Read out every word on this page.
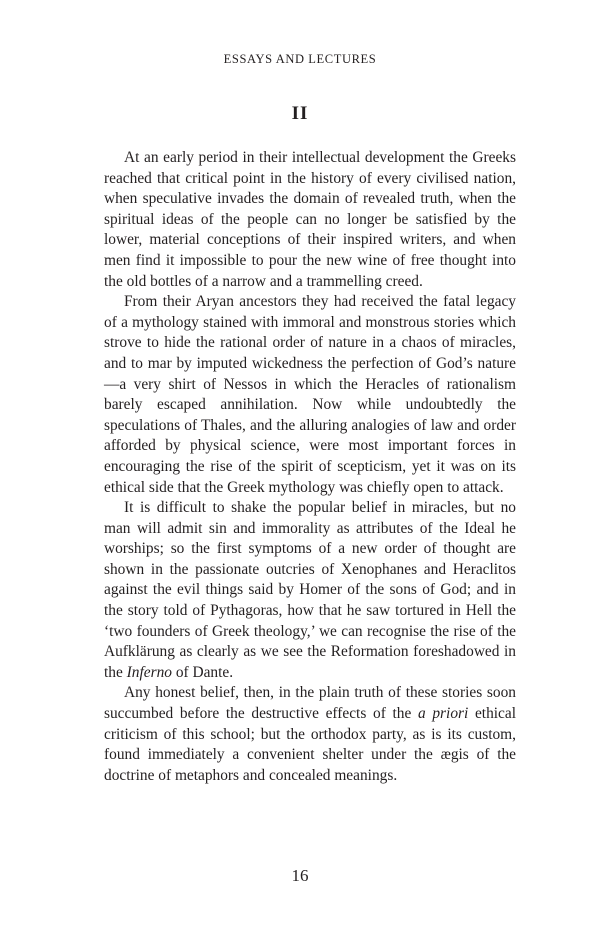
ESSAYS AND LECTURES
II

At an early period in their intellectual development the Greeks reached that critical point in the history of every civilised nation, when speculative invades the domain of revealed truth, when the spiritual ideas of the people can no longer be satisfied by the lower, material conceptions of their inspired writers, and when men find it impossible to pour the new wine of free thought into the old bottles of a narrow and a trammelling creed.

From their Aryan ancestors they had received the fatal legacy of a mythology stained with immoral and monstrous stories which strove to hide the rational order of nature in a chaos of miracles, and to mar by imputed wickedness the perfection of God’s nature—a very shirt of Nessos in which the Heracles of rationalism barely escaped annihilation. Now while undoubtedly the speculations of Thales, and the alluring analogies of law and order afforded by physical science, were most important forces in encouraging the rise of the spirit of scepticism, yet it was on its ethical side that the Greek mythology was chiefly open to attack.

It is difficult to shake the popular belief in miracles, but no man will admit sin and immorality as attributes of the Ideal he worships; so the first symptoms of a new order of thought are shown in the passionate outcries of Xenophanes and Heraclitos against the evil things said by Homer of the sons of God; and in the story told of Pythagoras, how that he saw tortured in Hell the ‘two founders of Greek theology,’ we can recognise the rise of the Aufklärung as clearly as we see the Reformation foreshadowed in the Inferno of Dante.

Any honest belief, then, in the plain truth of these stories soon succumbed before the destructive effects of the a priori ethical criticism of this school; but the orthodox party, as is its custom, found immediately a convenient shelter under the ægis of the doctrine of metaphors and concealed meanings.

16
